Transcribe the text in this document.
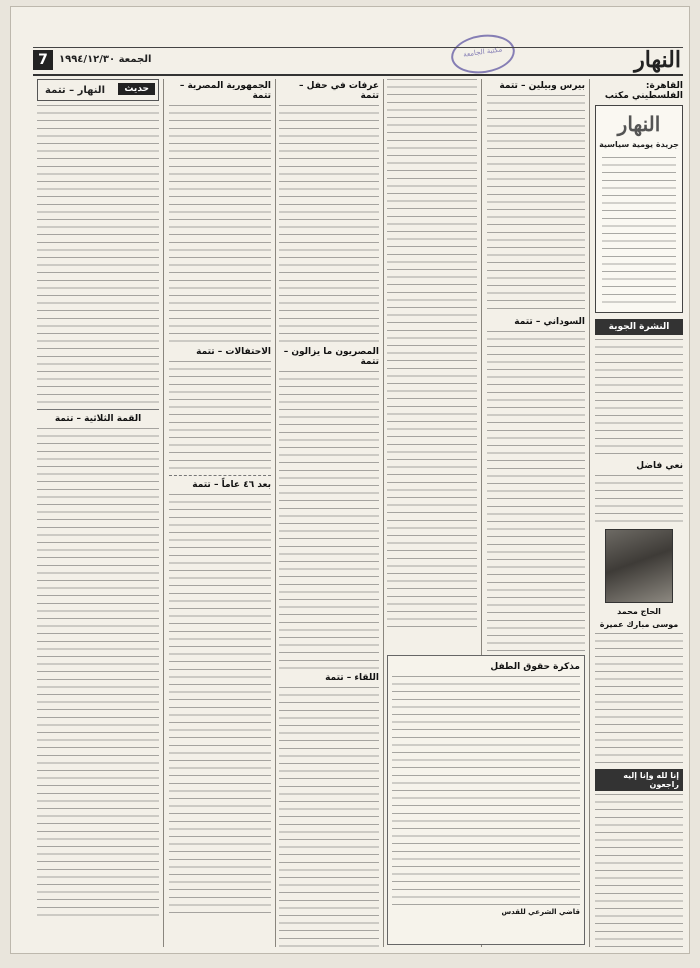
مكتبة الجامعة
7	الجمعة ١٩٩٤/١٢/٣٠	النهار
القاهرة: الفلسطيني مكتب
النهار
جريدة يومية سياسية
النشرة الجوية
نعي فاضل
الحاج محمد
موسى مبارك عميرة
إنا لله وإنا إليه راجعون
بيرس وبيلين – تتمة
السوداني – تتمة
مذكرة حقوق الطفل
قاضي الشرعي للقدس
عرفات في حفل – تتمة
المصريون ما يزالون – تتمة
اللقاء – تتمة
الجمهورية المصرية – تتمة
الاحتفالات – تتمة
بعد ٤٦ عاماً – تتمة
حديث
النهار – تتمة
القمة الثلاثية – تتمة
